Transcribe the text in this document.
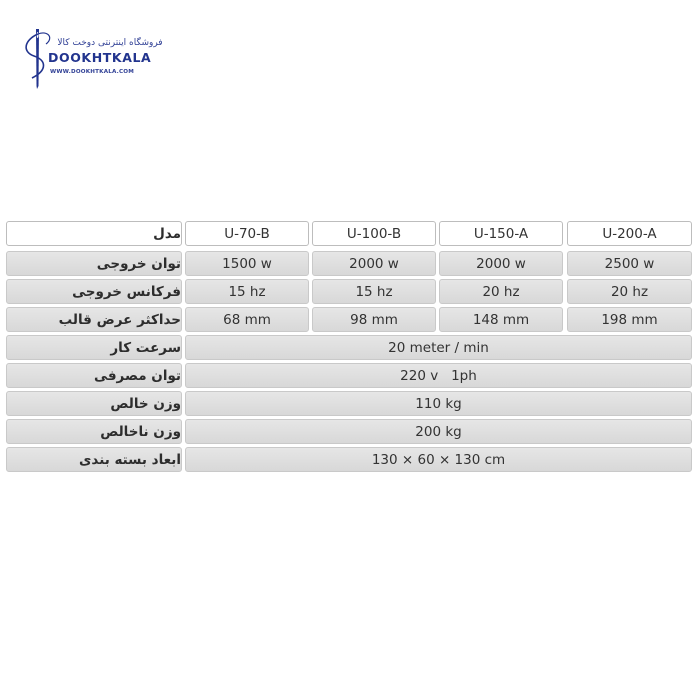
فروشگاه اینترنتی دوخت کالا
DOOKHTKALA
WWW.DOOKHTKALA.COM
مدل	U-70-B	U-100-B	U-150-A	U-200-A
توان خروجی	1500 w	2000 w	2000 w	2500 w
فرکانس خروجی	15 hz	15 hz	20 hz	20 hz
حداکثر عرض قالب	68 mm	98 mm	148 mm	198 mm
سرعت کار	20 meter / min
توان مصرفی	220 v   1ph
وزن خالص	110 kg
وزن ناخالص	200 kg
ابعاد بسته بندی	130 × 60 × 130 cm
